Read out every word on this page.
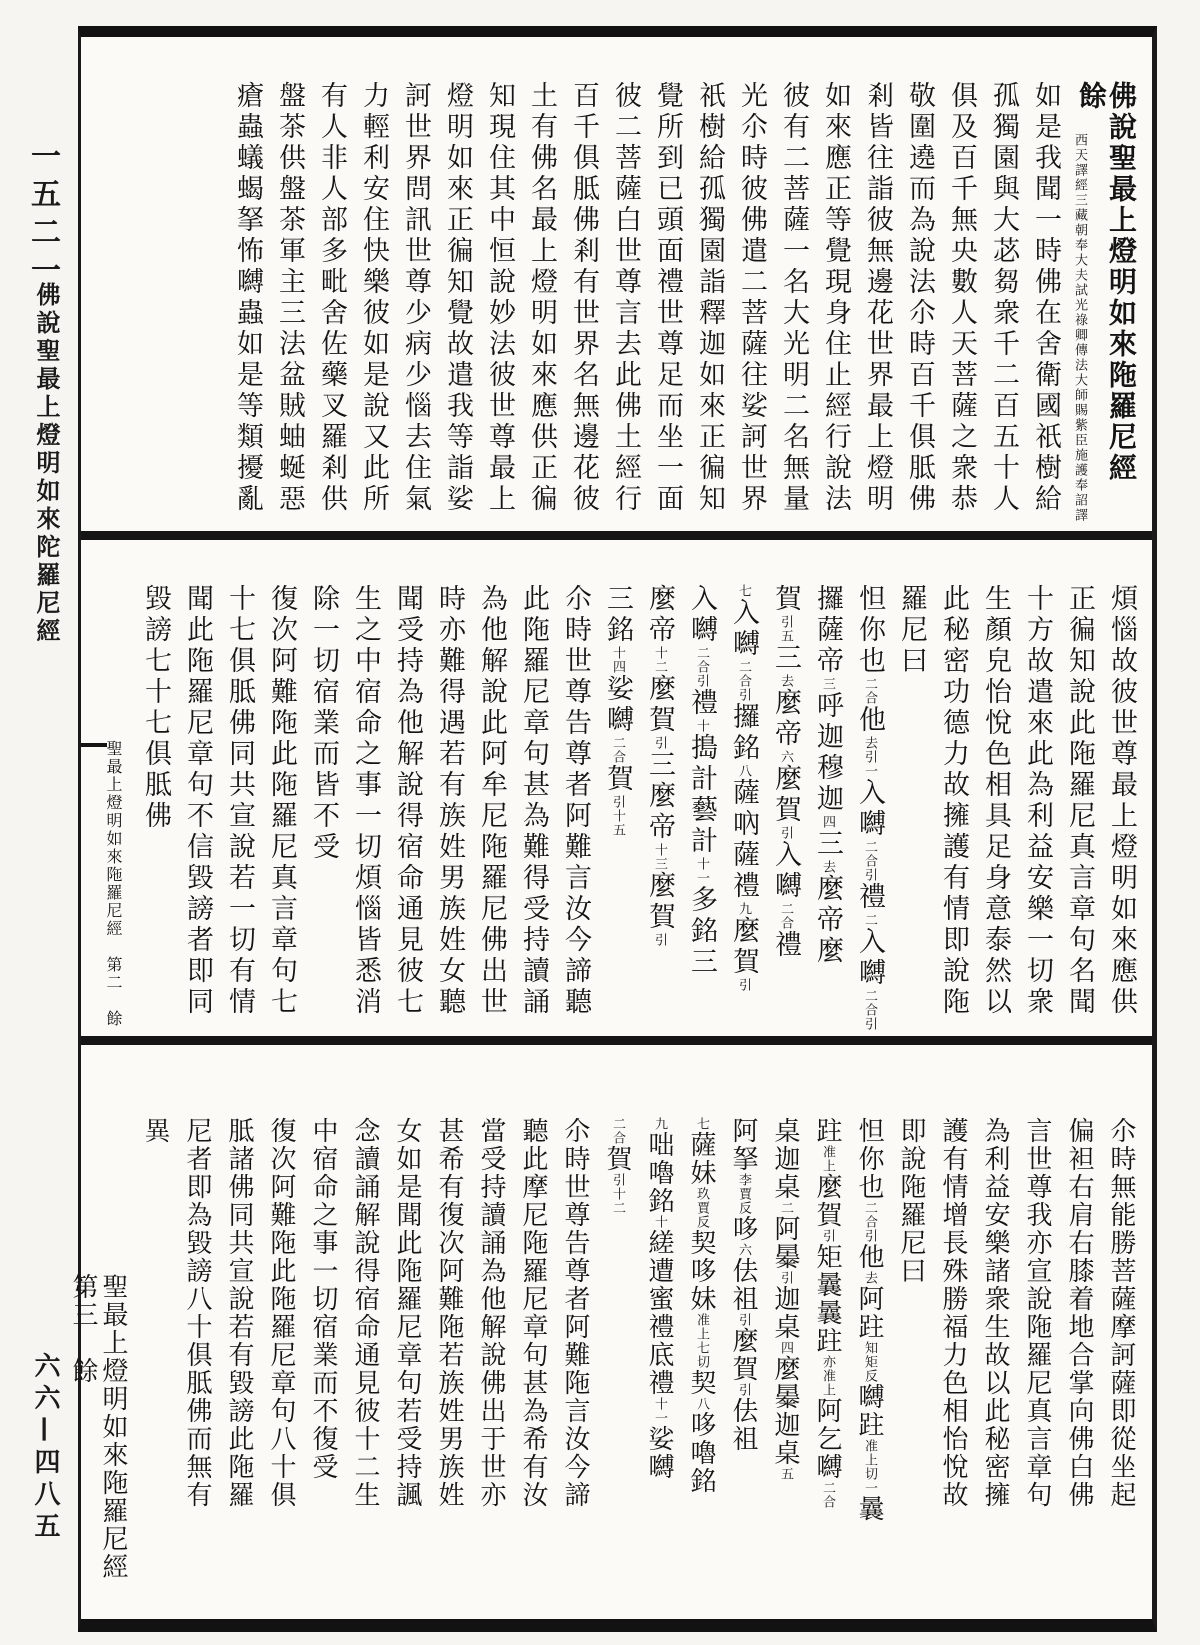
一五二一
佛說聖最上燈明如來陀羅尼經
六六—四八五
佛說聖最上燈明如來陁羅尼經　餘
西天譯經三藏朝奉大夫試光祿卿傳法大師賜紫臣施護奉詔譯
如是我聞一時佛在舍衛國祇樹給
孤獨園與大苾芻衆千二百五十人
俱及百千無央數人天菩薩之衆恭
敬圍遶而為說法尒時百千俱胝佛
剎皆往詣彼無邊花世界最上燈明
如來應正等覺現身住止經行說法
彼有二菩薩一名大光明二名無量
光尒時彼佛遣二菩薩往娑訶世界
祇樹給孤獨園詣釋迦如來正徧知
覺所到已頭面禮世尊足而坐一面
彼二菩薩白世尊言去此佛土經行
百千俱胝佛剎有世界名無邊花彼
土有佛名最上燈明如來應供正徧
知現住其中恒說妙法彼世尊最上
燈明如來正徧知覺故遣我等詣娑
訶世界問訊世尊少病少惱去住氣
力輕利安住快樂彼如是說又此所
有人非人部多毗舍佐藥叉羅剎供
盤茶供盤茶軍主三法盆賊蚰蜒惡
瘡蟲蟻蝎拏怖嚩蟲如是等類擾亂
煩惱故彼世尊最上燈明如來應供
正徧知說此陁羅尼真言章句名聞
十方故遣來此為利益安樂一切衆
生顏皃怡悅色相具足身意泰然以
此秘密功德力故擁護有情即說陁
羅尼曰
怛你也二合他去引一入嚩二合引禮二入嚩二合引
攞薩帝三呼迦穆迦四三去麼帝麼
賀引五三去麼帝六麼賀引入嚩二合禮
七入嚩二合引攞銘八薩吶薩禮九麼賀引
入嚩二合引禮十搗計藝計十一多銘三
麼帝十二麼賀引三麼帝十三麼賀引
三銘十四娑嚩二合賀引十五
尒時世尊告尊者阿難言汝今諦聽
此陁羅尼章句甚為難得受持讀誦
為他解說此阿牟尼陁羅尼佛出世
時亦難得遇若有族姓男族姓女聽
聞受持為他解說得宿命通見彼七
生之中宿命之事一切煩惱皆悉消
除一切宿業而皆不受
復次阿難陁此陁羅尼真言章句七
十七俱胝佛同共宣說若一切有情
聞此陁羅尼章句不信毀謗者即同
毀謗七十七俱胝佛
聖最上燈明如來陁羅尼經　第二　餘
尒時無能勝菩薩摩訶薩即從坐起
偏袒右肩右膝着地合掌向佛白佛
言世尊我亦宣說陁羅尼真言章句
為利益安樂諸衆生故以此秘密擁
護有情增長殊勝福力色相怡悅故
即說陁羅尼曰
怛你也二合引他去阿跓知矩反嚩跓准上切一曩
跓准上麼賀引矩曩曩跓亦准上阿乞嚩二合
桌迦桌二阿㬥引迦桌四麼㬥迦桌五
阿拏李賈反哆六佉祖引麼賀引佉祖
七薩妹玖賈反契哆妹准上七切契八哆嚕銘
九咄嚕銘十縒遭蜜禮底禮十一娑嚩
二合賀引十二
尒時世尊告尊者阿難陁言汝今諦
聽此摩尼陁羅尼章句甚為希有汝
當受持讀誦為他解說佛出于世亦
甚希有復次阿難陁若族姓男族姓
女如是聞此陁羅尼章句若受持諷
念讀誦解說得宿命通見彼十二生
中宿命之事一切宿業而不復受
復次阿難陁此陁羅尼章句八十俱
胝諸佛同共宣說若有毀謗此陁羅
尼者即為毀謗八十俱胝佛而無有
異
聖最上燈明如來陁羅尼經　第三　餘
